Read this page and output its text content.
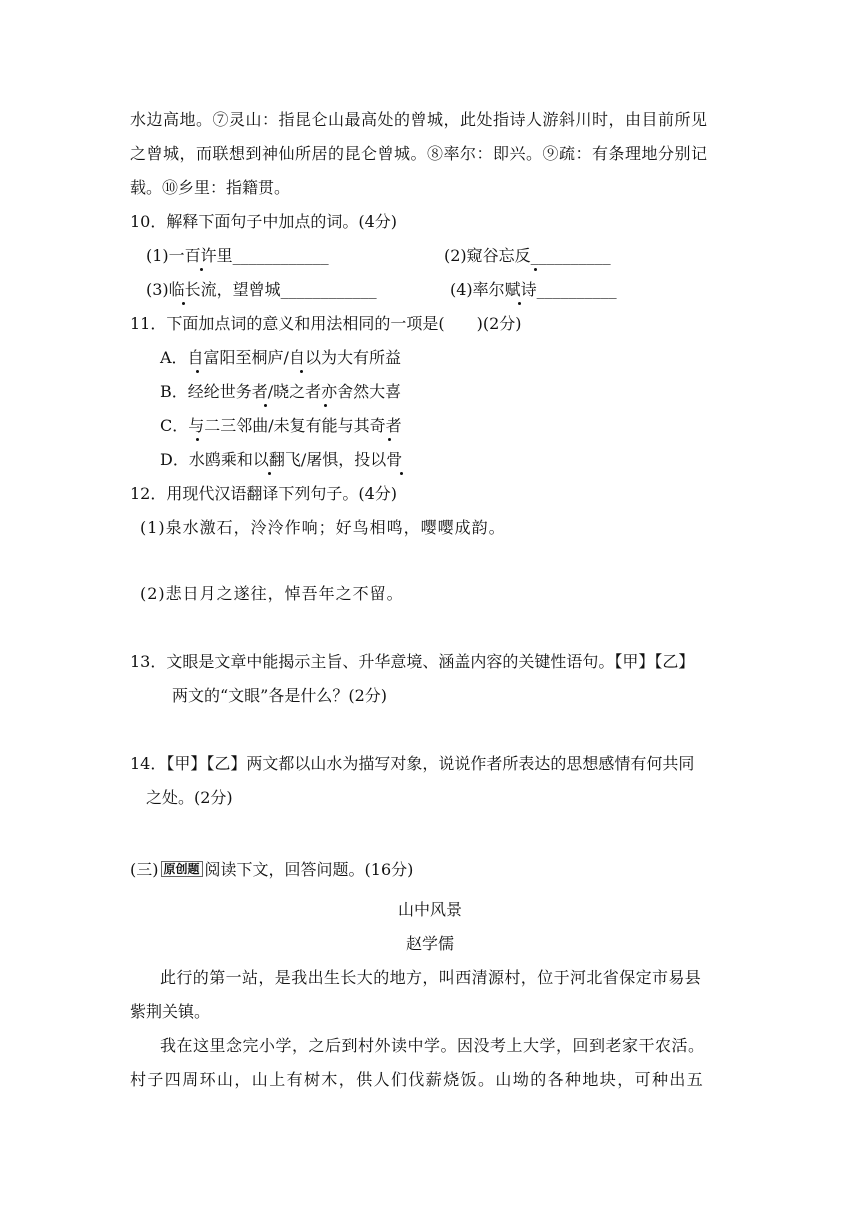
水边高地。⑦灵山：指昆仑山最高处的曾城，此处指诗人游斜川时，由目前所见
之曾城，而联想到神仙所居的昆仑曾城。⑧率尔：即兴。⑨疏：有条理地分别记
载。⑩乡里：指籍贯。
10．解释下面句子中加点的词。(4分)
(1)一百许里____________	(2)窥谷忘反__________
(3)临长流，望曾城____________	(4)率尔赋诗__________
11．下面加点词的意义和用法相同的一项是(　　)(2分)
A．自富阳至桐庐/自以为大有所益
B．经纶世务者/晓之者亦舍然大喜
C．与二三邻曲/未复有能与其奇者
D．水鸥乘和以翻飞/屠惧，投以骨
12．用现代汉语翻译下列句子。(4分)
(1)泉水激石，泠泠作响；好鸟相鸣，嘤嘤成韵。
(2)悲日月之遂往，悼吾年之不留。
13．文眼是文章中能揭示主旨、升华意境、涵盖内容的关键性语句。【甲】【乙】
两文的“文眼”各是什么？(2分)
14．【甲】【乙】两文都以山水为描写对象，说说作者所表达的思想感情有何共同
之处。(2分)
(三) 原创题 阅读下文，回答问题。(16分)
山中风景
赵学儒
此行的第一站，是我出生长大的地方，叫西清源村，位于河北省保定市易县
紫荆关镇。
我在这里念完小学，之后到村外读中学。因没考上大学，回到老家干农活。
村子四周环山，山上有树木，供人们伐薪烧饭。山坳的各种地块，可种出五
